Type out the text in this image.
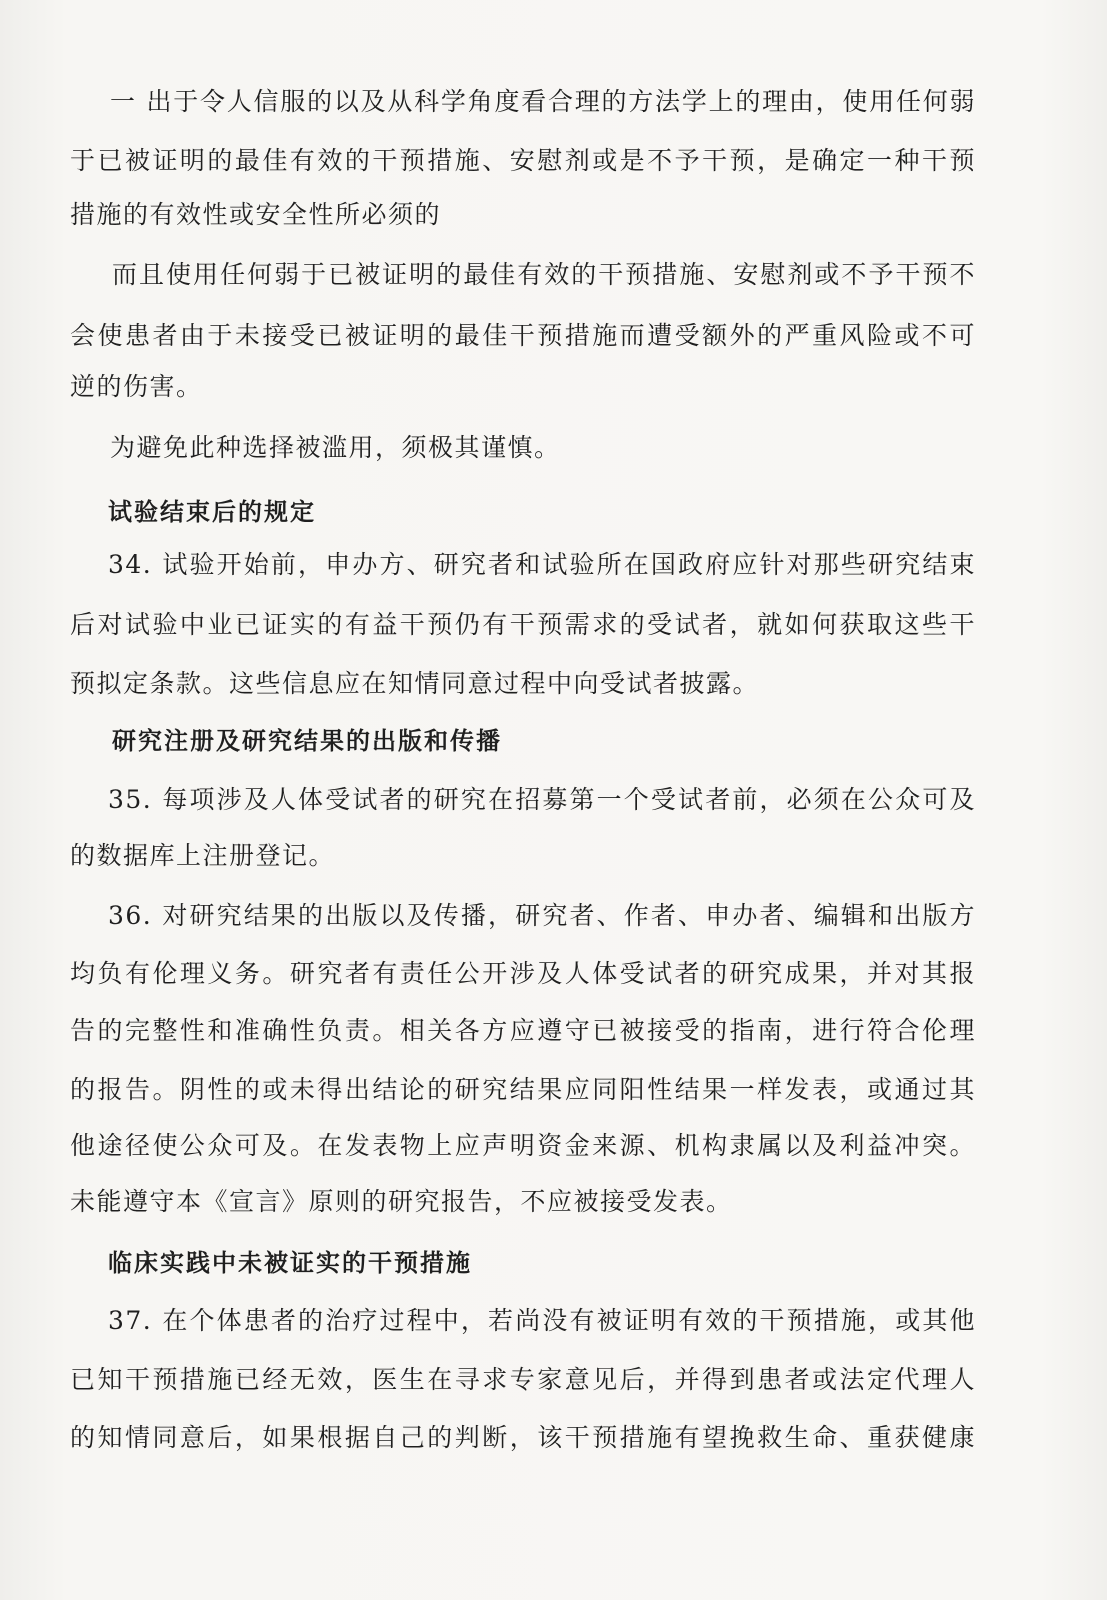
一 出于令人信服的以及从科学角度看合理的方法学上的理由，使用任何弱
于已被证明的最佳有效的干预措施、安慰剂或是不予干预，是确定一种干预
措施的有效性或安全性所必须的
而且使用任何弱于已被证明的最佳有效的干预措施、安慰剂或不予干预不
会使患者由于未接受已被证明的最佳干预措施而遭受额外的严重风险或不可
逆的伤害。
为避免此种选择被滥用，须极其谨慎。
试验结束后的规定
34. 试验开始前，申办方、研究者和试验所在国政府应针对那些研究结束
后对试验中业已证实的有益干预仍有干预需求的受试者，就如何获取这些干
预拟定条款。这些信息应在知情同意过程中向受试者披露。
研究注册及研究结果的出版和传播
35. 每项涉及人体受试者的研究在招募第一个受试者前，必须在公众可及
的数据库上注册登记。
36. 对研究结果的出版以及传播，研究者、作者、申办者、编辑和出版方
均负有伦理义务。研究者有责任公开涉及人体受试者的研究成果，并对其报
告的完整性和准确性负责。相关各方应遵守已被接受的指南，进行符合伦理
的报告。阴性的或未得出结论的研究结果应同阳性结果一样发表，或通过其
他途径使公众可及。在发表物上应声明资金来源、机构隶属以及利益冲突。
未能遵守本《宣言》原则的研究报告，不应被接受发表。
临床实践中未被证实的干预措施
37. 在个体患者的治疗过程中，若尚没有被证明有效的干预措施，或其他
已知干预措施已经无效，医生在寻求专家意见后，并得到患者或法定代理人
的知情同意后，如果根据自己的判断，该干预措施有望挽救生命、重获健康
